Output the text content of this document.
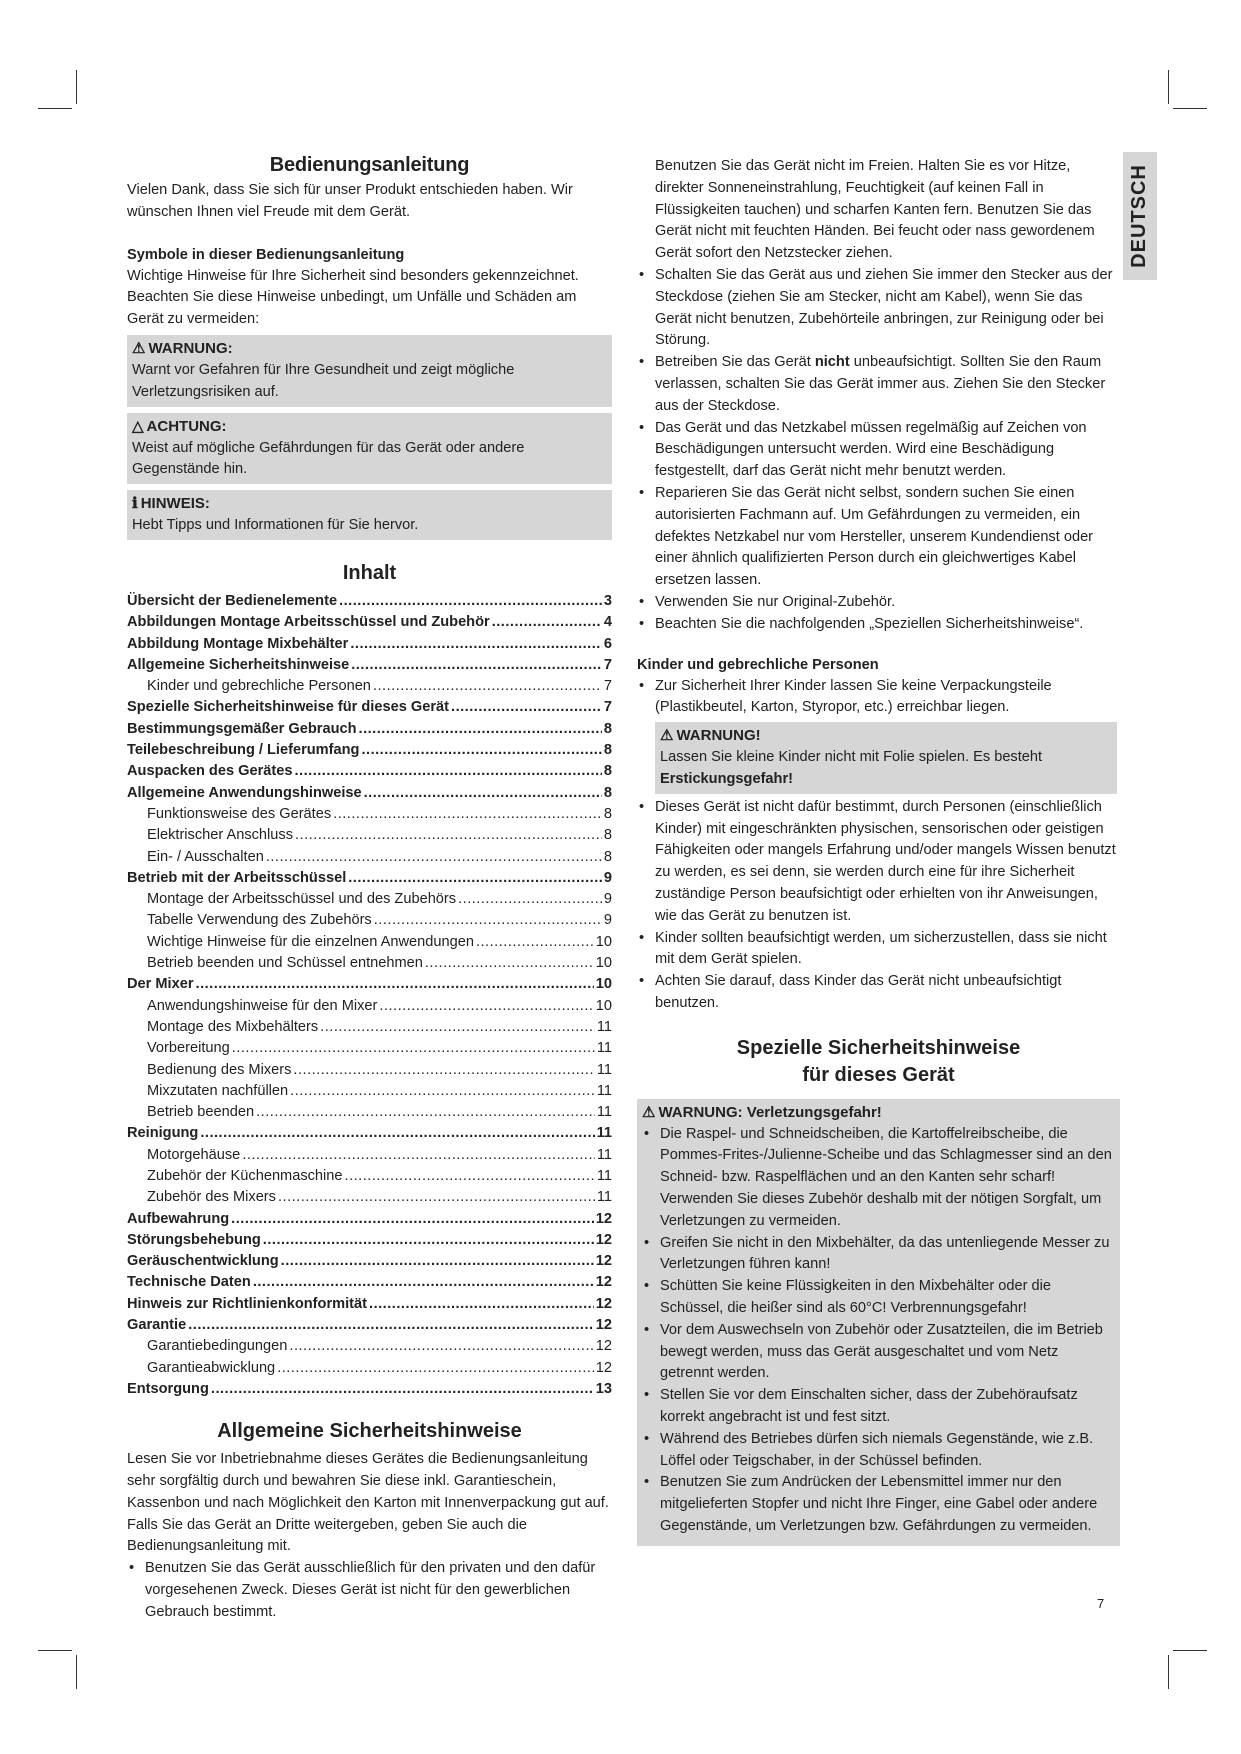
DEUTSCH
Bedienungsanleitung

Vielen Dank, dass Sie sich für unser Produkt entschieden haben. Wir wünschen Ihnen viel Freude mit dem Gerät.

Symbole in dieser Bedienungsanleitung

Wichtige Hinweise für Ihre Sicherheit sind besonders gekennzeichnet. Beachten Sie diese Hinweise unbedingt, um Unfälle und Schäden am Gerät zu vermeiden:

⚠ WARNUNG:

Warnt vor Gefahren für Ihre Gesundheit und zeigt mögliche Verletzungsrisiken auf.

△ ACHTUNG:

Weist auf mögliche Gefährdungen für das Gerät oder andere Gegenstände hin.

ℹ HINWEIS:

Hebt Tipps und Informationen für Sie hervor.

Inhalt
Übersicht der Bedienelemente .....	3
Abbildungen Montage Arbeitsschüssel und Zubehör .....	4
Abbildung Montage Mixbehälter .....	6
Allgemeine Sicherheitshinweise .....	7
Kinder und gebrechliche Personen .....	7
Spezielle Sicherheitshinweise für dieses Gerät .....	7
Bestimmungsgemäßer Gebrauch .....	8
Teilebeschreibung / Lieferumfang .....	8
Auspacken des Gerätes .....	8
Allgemeine Anwendungshinweise .....	8
Funktionsweise des Gerätes .....	8
Elektrischer Anschluss .....	8
Ein- / Ausschalten .....	8
Betrieb mit der Arbeitsschüssel .....	9
Montage der Arbeitsschüssel und des Zubehörs .....	9
Tabelle Verwendung des Zubehörs .....	9
Wichtige Hinweise für die einzelnen Anwendungen .....	10
Betrieb beenden und Schüssel entnehmen .....	10
Der Mixer .....	10
Anwendungshinweise für den Mixer .....	10
Montage des Mixbehälters .....	11
Vorbereitung .....	11
Bedienung des Mixers .....	11
Mixzutaten nachfüllen .....	11
Betrieb beenden .....	11
Reinigung .....	11
Motorgehäuse .....	11
Zubehör der Küchenmaschine .....	11
Zubehör des Mixers .....	11
Aufbewahrung .....	12
Störungsbehebung .....	12
Geräuschentwicklung .....	12
Technische Daten .....	12
Hinweis zur Richtlinienkonformität .....	12
Garantie .....	12
Garantiebedingungen .....	12
Garantieabwicklung .....	12
Entsorgung .....	13
Allgemeine Sicherheitshinweise

Lesen Sie vor Inbetriebnahme dieses Gerätes die Bedienungsanleitung sehr sorgfältig durch und bewahren Sie diese inkl. Garantieschein, Kassenbon und nach Möglichkeit den Karton mit Innenverpackung gut auf. Falls Sie das Gerät an Dritte weitergeben, geben Sie auch die Bedienungsanleitung mit.

• Benutzen Sie das Gerät ausschließlich für den privaten und den dafür vorgesehenen Zweck. Dieses Gerät ist nicht für den gewerblichen Gebrauch bestimmt.

Benutzen Sie das Gerät nicht im Freien. Halten Sie es vor Hitze, direkter Sonneneinstrahlung, Feuchtigkeit (auf keinen Fall in Flüssigkeiten tauchen) und scharfen Kanten fern. Benutzen Sie das Gerät nicht mit feuchten Händen. Bei feucht oder nass gewordenem Gerät sofort den Netzstecker ziehen.

• Schalten Sie das Gerät aus und ziehen Sie immer den Stecker aus der Steckdose (ziehen Sie am Stecker, nicht am Kabel), wenn Sie das Gerät nicht benutzen, Zubehörteile anbringen, zur Reinigung oder bei Störung.
• Betreiben Sie das Gerät nicht unbeaufsichtigt. Sollten Sie den Raum verlassen, schalten Sie das Gerät immer aus. Ziehen Sie den Stecker aus der Steckdose.
• Das Gerät und das Netzkabel müssen regelmäßig auf Zeichen von Beschädigungen untersucht werden. Wird eine Beschädigung festgestellt, darf das Gerät nicht mehr benutzt werden.
• Reparieren Sie das Gerät nicht selbst, sondern suchen Sie einen autorisierten Fachmann auf. Um Gefährdungen zu vermeiden, ein defektes Netzkabel nur vom Hersteller, unserem Kundendienst oder einer ähnlich qualifizierten Person durch ein gleichwertiges Kabel ersetzen lassen.
• Verwenden Sie nur Original-Zubehör.
• Beachten Sie die nachfolgenden „Speziellen Sicherheitshinweise“.
Kinder und gebrechliche Personen
• Zur Sicherheit Ihrer Kinder lassen Sie keine Verpackungsteile (Plastikbeutel, Karton, Styropor, etc.) erreichbar liegen.
⚠ WARNUNG!

Lassen Sie kleine Kinder nicht mit Folie spielen. Es besteht Erstickungsgefahr!

• Dieses Gerät ist nicht dafür bestimmt, durch Personen (einschließlich Kinder) mit eingeschränkten physischen, sensorischen oder geistigen Fähigkeiten oder mangels Erfahrung und/oder mangels Wissen benutzt zu werden, es sei denn, sie werden durch eine für ihre Sicherheit zuständige Person beaufsichtigt oder erhielten von ihr Anweisungen, wie das Gerät zu benutzen ist.
• Kinder sollten beaufsichtigt werden, um sicherzustellen, dass sie nicht mit dem Gerät spielen.
• Achten Sie darauf, dass Kinder das Gerät nicht unbeaufsichtigt benutzen.
Spezielle Sicherheitshinweise
für dieses Gerät
⚠ WARNUNG: Verletzungsgefahr!
• Die Raspel- und Schneidscheiben, die Kartoffelreibscheibe, die Pommes-Frites-/Julienne-Scheibe und das Schlagmesser sind an den Schneid- bzw. Raspelflächen und an den Kanten sehr scharf! Verwenden Sie dieses Zubehör deshalb mit der nötigen Sorgfalt, um Verletzungen zu vermeiden.
• Greifen Sie nicht in den Mixbehälter, da das untenliegende Messer zu Verletzungen führen kann!
• Schütten Sie keine Flüssigkeiten in den Mixbehälter oder die Schüssel, die heißer sind als 60°C! Verbrennungsgefahr!
• Vor dem Auswechseln von Zubehör oder Zusatzteilen, die im Betrieb bewegt werden, muss das Gerät ausgeschaltet und vom Netz getrennt werden.
• Stellen Sie vor dem Einschalten sicher, dass der Zubehöraufsatz korrekt angebracht ist und fest sitzt.
• Während des Betriebes dürfen sich niemals Gegenstände, wie z.B. Löffel oder Teigschaber, in der Schüssel befinden.
• Benutzen Sie zum Andrücken der Lebensmittel immer nur den mitgelieferten Stopfer und nicht Ihre Finger, eine Gabel oder andere Gegenstände, um Verletzungen bzw. Gefährdungen zu vermeiden.
7
